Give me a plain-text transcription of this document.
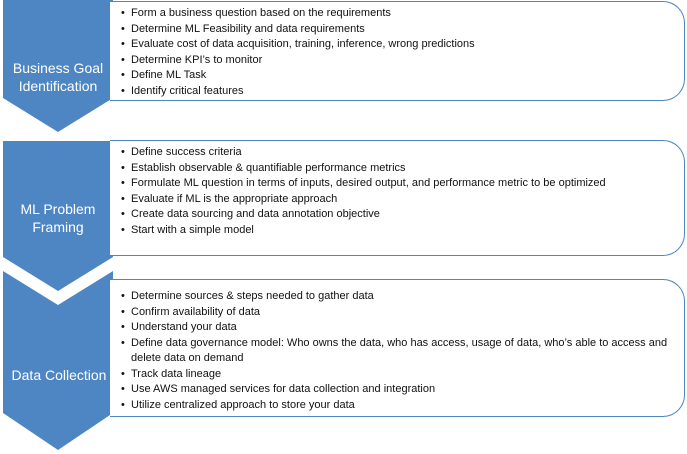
Business Goal
Identification
ML Problem
Framing
Data Collection
• Form a business question based on the requirements
• Determine ML Feasibility and data requirements
• Evaluate cost of data acquisition, training, inference, wrong predictions
• Determine KPI’s to monitor
• Define ML Task
• Identify critical features
• Define success criteria
• Establish observable & quantifiable performance metrics
• Formulate ML question in terms of inputs, desired output, and performance metric to be optimized
• Evaluate if ML is the appropriate approach
• Create data sourcing and data annotation objective
• Start with a simple model
• Determine sources & steps needed to gather data
• Confirm availability of data
• Understand your data
• Define data governance model: Who owns the data, who has access, usage of data, who’s able to access and delete data on demand
• Track data lineage
• Use AWS managed services for data collection and integration
• Utilize centralized approach to store your data
